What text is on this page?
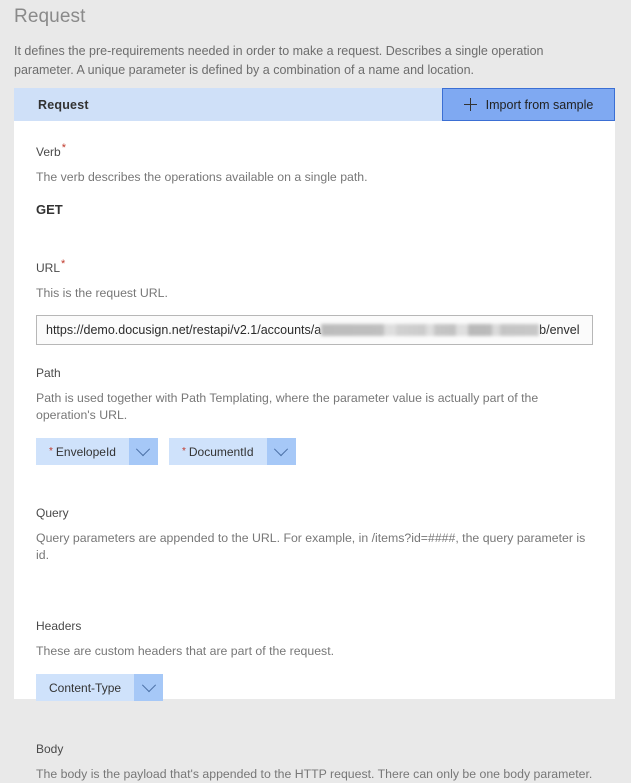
Request
It defines the pre-requirements needed in order to make a request. Describes a single operation parameter. A unique parameter is defined by a combination of a name and location.
Request	Import from sample
Verb*
The verb describes the operations available on a single path.
GET
URL*
This is the request URL.
https://demo.docusign.net/restapi/v2.1/accounts/a	b/envel
Path
Path is used together with Path Templating, where the parameter value is actually part of the operation's URL.
* EnvelopeId	* DocumentId
Query
Query parameters are appended to the URL. For example, in /items?id=####, the query parameter is id.
Headers
These are custom headers that are part of the request.
Content-Type
Body
The body is the payload that's appended to the HTTP request. There can only be one body parameter.
